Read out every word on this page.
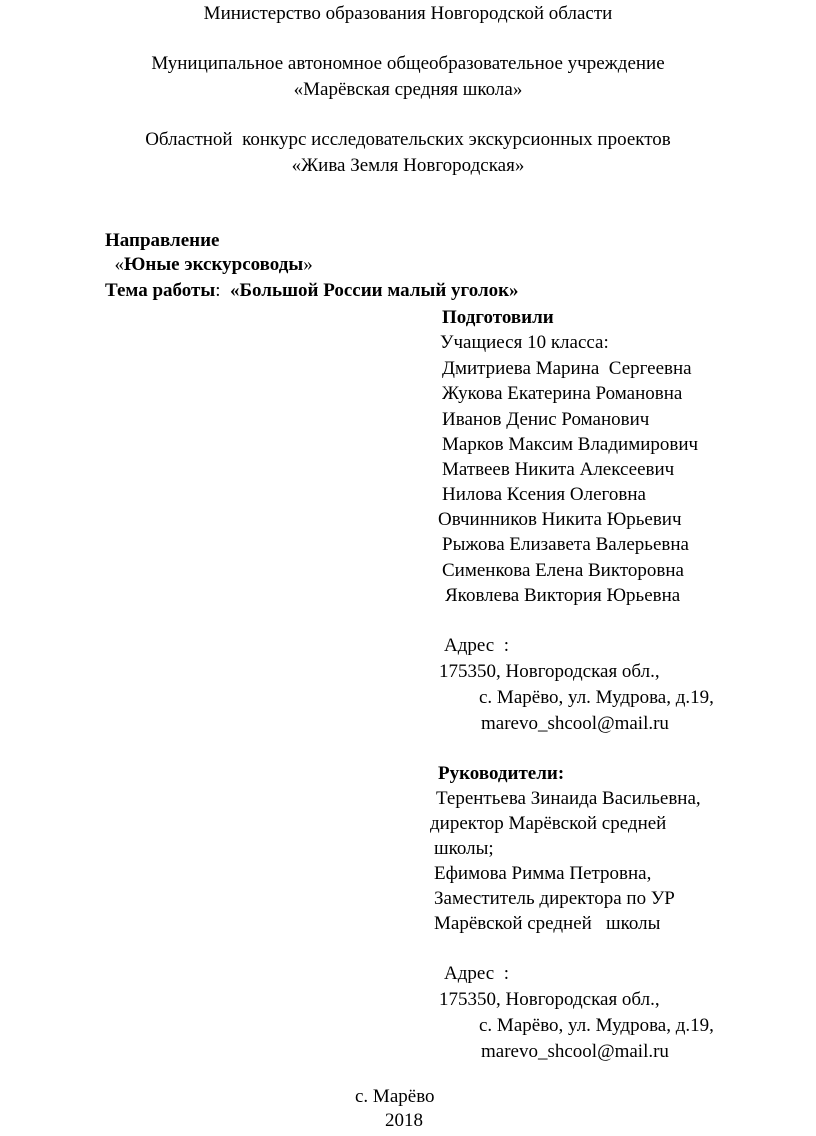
Министерство образования Новгородской области
Муниципальное автономное общеобразовательное учреждение
«Марёвская средняя школа»
Областной  конкурс исследовательских экскурсионных проектов
«Жива Земля Новгородская»

Направление
«Юные экскурсоводы»

Тема работы: «Большой России малый уголок»

Подготовили
Учащиеся 10 класса:
Дмитриева Марина  Сергеевна
Жукова Екатерина Романовна
Иванов Денис Романович
Марков Максим Владимирович
Матвеев Никита Алексеевич
Нилова Ксения Олеговна
Овчинников Никита Юрьевич
Рыжова Елизавета Валерьевна
Сименкова Елена Викторовна
Яковлева Виктория Юрьевна
Адрес  :
175350, Новгородская обл.,
с. Марёво, ул. Мудрова, д.19,
marevo_shcool@mail.ru
Руководители:
Терентьева Зинаида Васильевна,
директор Марёвской средней
школы;
Ефимова Римма Петровна,
Заместитель директора по УР
Марёвской средней   школы
Адрес  :
175350, Новгородская обл.,
с. Марёво, ул. Мудрова, д.19,
marevo_shcool@mail.ru
с. Марёво
2018
